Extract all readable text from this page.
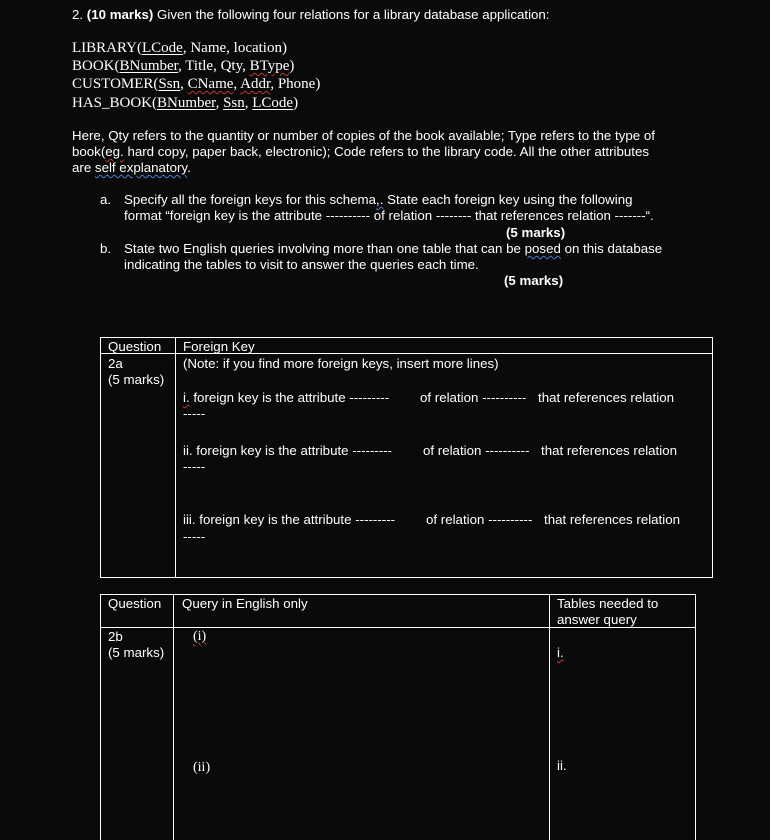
2. (10 marks) Given the following four relations for a library database application:
LIBRARY(LCode, Name, location)
BOOK(BNumber, Title, Qty, BType)
CUSTOMER(Ssn, CName, Addr, Phone)
HAS_BOOK(BNumber, Ssn, LCode)
Here, Qty refers to the quantity or number of copies of the book available; Type refers to the type of
book(eg. hard copy, paper back, electronic); Code refers to the library code. All the other attributes
are self explanatory.
a. Specify all the foreign keys for this schema,. State each foreign key using the following
format “foreign key is the attribute ---------- of relation -------- that references relation -------“.
(5 marks)
b. State two English queries involving more than one table that can be posed on this database
indicating the tables to visit to answer the queries each time.
(5 marks)
Question Foreign Key
2a
(5 marks)
(Note: if you find more foreign keys, insert more lines)
i. foreign key is the attribute --------- of relation ---------- that references relation
-----
ii. foreign key is the attribute --------- of relation ---------- that references relation
-----
iii. foreign key is the attribute --------- of relation ---------- that references relation
-----
Question Query in English only	Tables needed to
answer query
2b
(5 marks)
(i)
(ii)
i.
ii.
